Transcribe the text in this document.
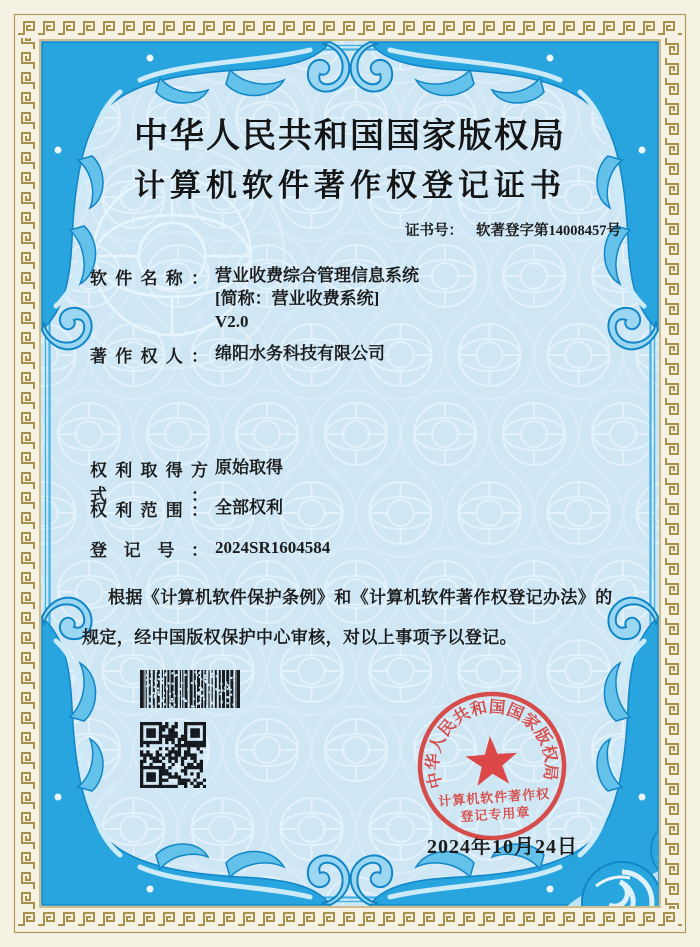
中华人民共和国国家版权局
计算机软件著作权登记证书
证书号： 软著登字第14008457号
软件名称： 营业收费综合管理信息系统
[简称：营业收费系统]
V2.0
著作权人： 绵阳水务科技有限公司
权利取得方式：
原始取得
权利范围： 全部权利
登记号： 2024SR1604584
根据《计算机软件保护条例》和《计算机软件著作权登记办法》的
规定，经中国版权保护中心审核，对以上事项予以登记。
2024年10月24日
中
华
人
民
共
和 国
国
家
版
权
局
计算机软件著作权
登记专用章
